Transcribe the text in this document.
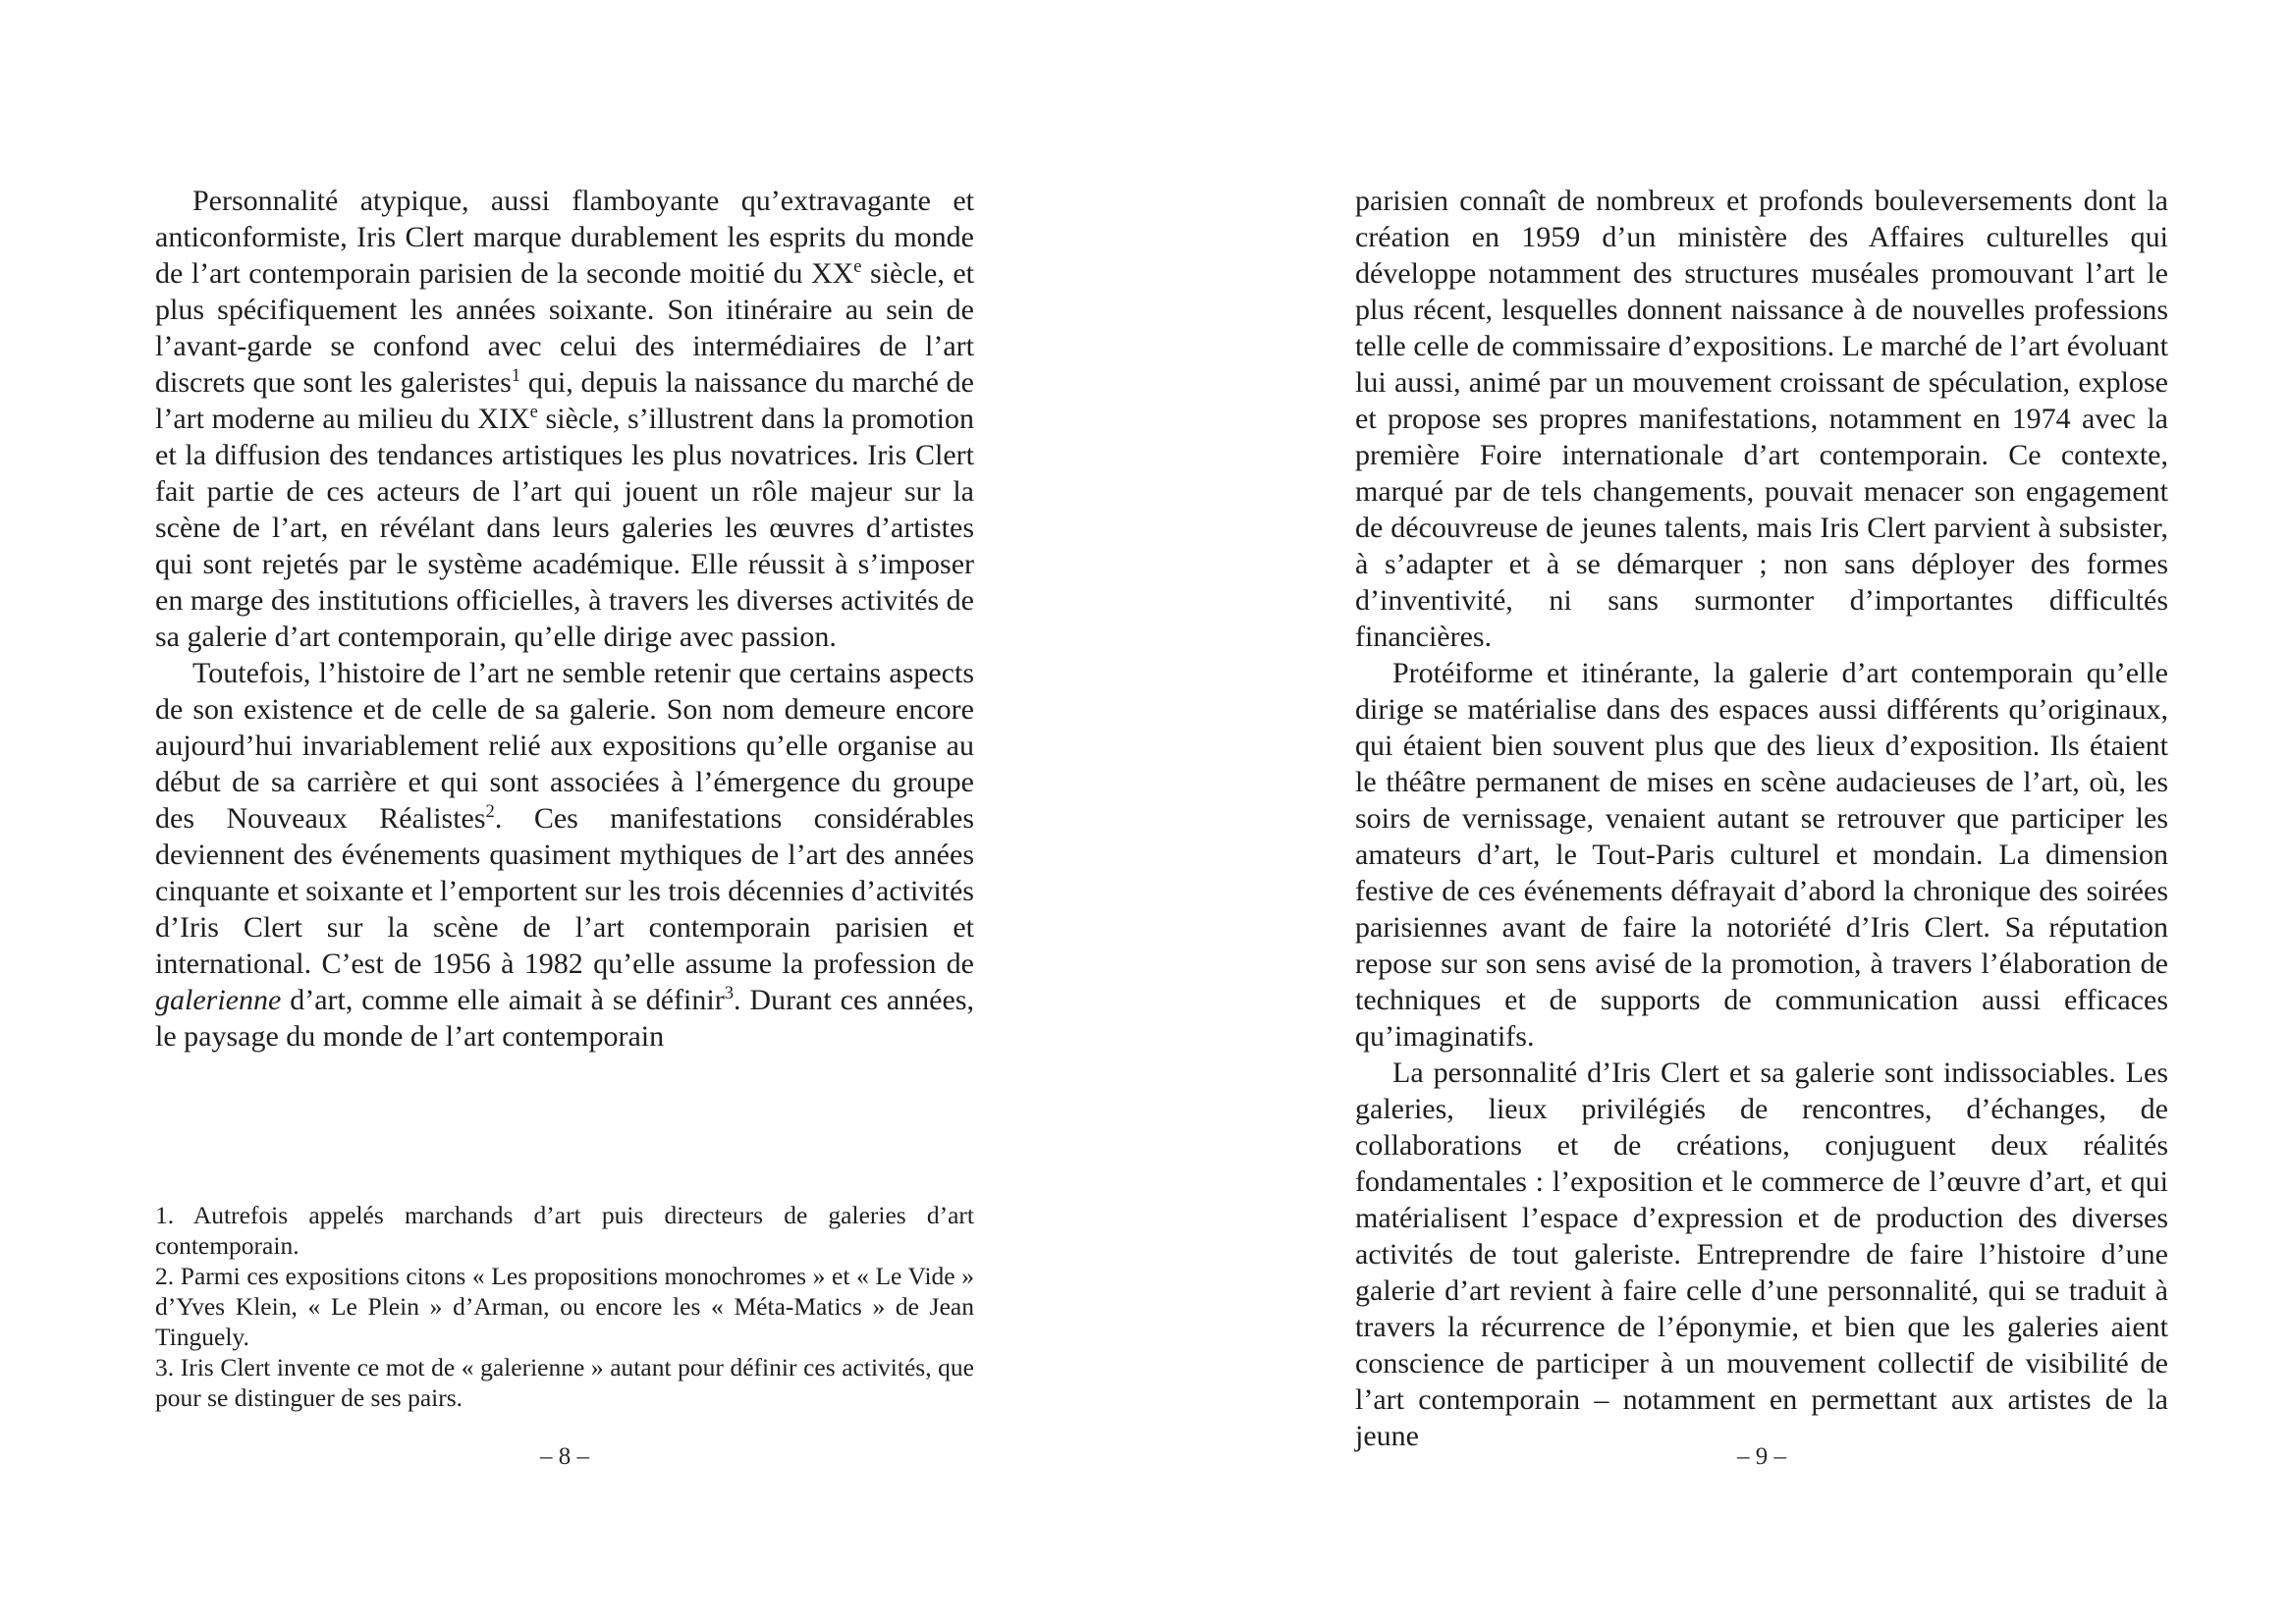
Personnalité atypique, aussi flamboyante qu’extravagante et anticonformiste, Iris Clert marque durablement les esprits du monde de l’art contemporain parisien de la seconde moitié du XXe siècle, et plus spécifiquement les années soixante. Son itinéraire au sein de l’avant-garde se confond avec celui des intermédiaires de l’art discrets que sont les galeristes$^1$ qui, depuis la naissance du marché de l’art moderne au milieu du XIXe siècle, s’illustrent dans la promotion et la diffusion des tendances artistiques les plus novatrices. Iris Clert fait partie de ces acteurs de l’art qui jouent un rôle majeur sur la scène de l’art, en révélant dans leurs galeries les œuvres d’artistes qui sont rejetés par le système académique. Elle réussit à s’imposer en marge des institutions officielles, à travers les diverses activités de sa galerie d’art contemporain, qu’elle dirige avec passion.

Toutefois, l’histoire de l’art ne semble retenir que certains aspects de son existence et de celle de sa galerie. Son nom demeure encore aujourd’hui invariablement relié aux expositions qu’elle organise au début de sa carrière et qui sont associées à l’émergence du groupe des Nouveaux Réalistes$^2$. Ces manifestations considérables deviennent des événements quasiment mythiques de l’art des années cinquante et soixante et l’emportent sur les trois décennies d’activités d’Iris Clert sur la scène de l’art contemporain parisien et international. C’est de 1956 à 1982 qu’elle assume la profession de galerienne d’art, comme elle aimait à se définir$^3$. Durant ces années, le paysage du monde de l’art contemporain

1. Autrefois appelés marchands d’art puis directeurs de galeries d’art contemporain.

2. Parmi ces expositions citons « Les propositions monochromes » et « Le Vide » d’Yves Klein, « Le Plein » d’Arman, ou encore les « Méta-Matics » de Jean Tinguely.

3. Iris Clert invente ce mot de « galerienne » autant pour définir ces activités, que pour se distinguer de ses pairs.

– 8 –

parisien connaît de nombreux et profonds bouleversements dont la création en 1959 d’un ministère des Affaires culturelles qui développe notamment des structures muséales promouvant l’art le plus récent, lesquelles donnent naissance à de nouvelles professions telle celle de commissaire d’expositions. Le marché de l’art évoluant lui aussi, animé par un mouvement croissant de spéculation, explose et propose ses propres manifestations, notamment en 1974 avec la première Foire internationale d’art contemporain. Ce contexte, marqué par de tels changements, pouvait menacer son engagement de découvreuse de jeunes talents, mais Iris Clert parvient à subsister, à s’adapter et à se démarquer ; non sans déployer des formes d’inventivité, ni sans surmonter d’importantes difficultés financières.

Protéiforme et itinérante, la galerie d’art contemporain qu’elle dirige se matérialise dans des espaces aussi différents qu’originaux, qui étaient bien souvent plus que des lieux d’exposition. Ils étaient le théâtre permanent de mises en scène audacieuses de l’art, où, les soirs de vernissage, venaient autant se retrouver que participer les amateurs d’art, le Tout-Paris culturel et mondain. La dimension festive de ces événements défrayait d’abord la chronique des soirées parisiennes avant de faire la notoriété d’Iris Clert. Sa réputation repose sur son sens avisé de la promotion, à travers l’élaboration de techniques et de supports de communication aussi efficaces qu’imaginatifs.

La personnalité d’Iris Clert et sa galerie sont indissociables. Les galeries, lieux privilégiés de rencontres, d’échanges, de collaborations et de créations, conjuguent deux réalités fondamentales : l’exposition et le commerce de l’œuvre d’art, et qui matérialisent l’espace d’expression et de production des diverses activités de tout galeriste. Entreprendre de faire l’histoire d’une galerie d’art revient à faire celle d’une personnalité, qui se traduit à travers la récurrence de l’éponymie, et bien que les galeries aient conscience de participer à un mouvement collectif de visibilité de l’art contemporain – notamment en permettant aux artistes de la jeune

– 9 –
